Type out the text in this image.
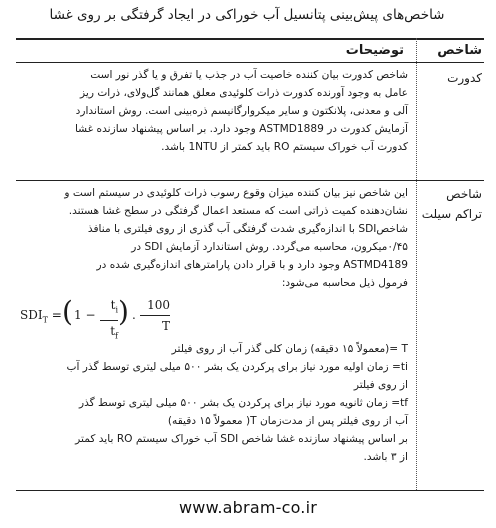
شاخص‌های پیش‌بینی پتانسیل آب خوراکی در ایجاد گرفتگی بر روی غشا
شاخص
توضیحات
کدورت

شاخص کدورت بیان کننده خاصیت آب در جذب یا تفرق و یا گذر نور است

عامل به وجود آورنده کدورت ذرات کلوئیدی معلق همانند گل‌ولای، ذرات ریز

آلی و معدنی، پلانکتون و سایر میکروارگانیسم ذره‌بینی است. روش استاندارد

آزمایش کدورت در ASTMD1889 وجود دارد. بر اساس پیشنهاد سازنده غشا

کدورت آب خوراک سیستم RO باید کمتر از 1NTU باشد.

شاخص تراکم سیلت

این شاخص نیز بیان کننده میزان وقوع رسوب ذرات کلوئیدی در سیستم است و

نشان‌دهنده کمیت ذراتی است که مستعد اعمال گرفتگی در سطح غشا هستند.

شاخصSDI با اندازه‌گیری شدت گرفتگی آب گذری از روی فیلتری با منافذ

۰/۴۵میکرون، محاسبه می‌گردد. روش استاندارد آزمایش SDI در

ASTMD4189 وجود دارد و با قرار دادن پارامترهای اندازه‌گیری شده در

فرمول ذیل محاسبه می‌شود:

$SDI_T$ = ( 1 −
$t_i$
$t_f$
) .
100
T

T =(معمولاً ۱۵ دقیقه) زمان کلی گذر آب از روی فیلتر

ti= زمان اولیه مورد نیاز برای پرکردن یک بشر ۵۰۰ میلی لیتری توسط گذر آب

از روی فیلتر

tf= زمان ثانویه مورد نیاز برای پرکردن یک بشر ۵۰۰ میلی لیتری توسط گذر

آب از روی فیلتر پس از مدت‌زمان T( معمولاً ۱۵ دقیقه)

بر اساس پیشنهاد سازنده غشا شاخص SDI آب خوراک سیستم RO باید کمتر

از ۳ باشد.

www.abram-co.ir
